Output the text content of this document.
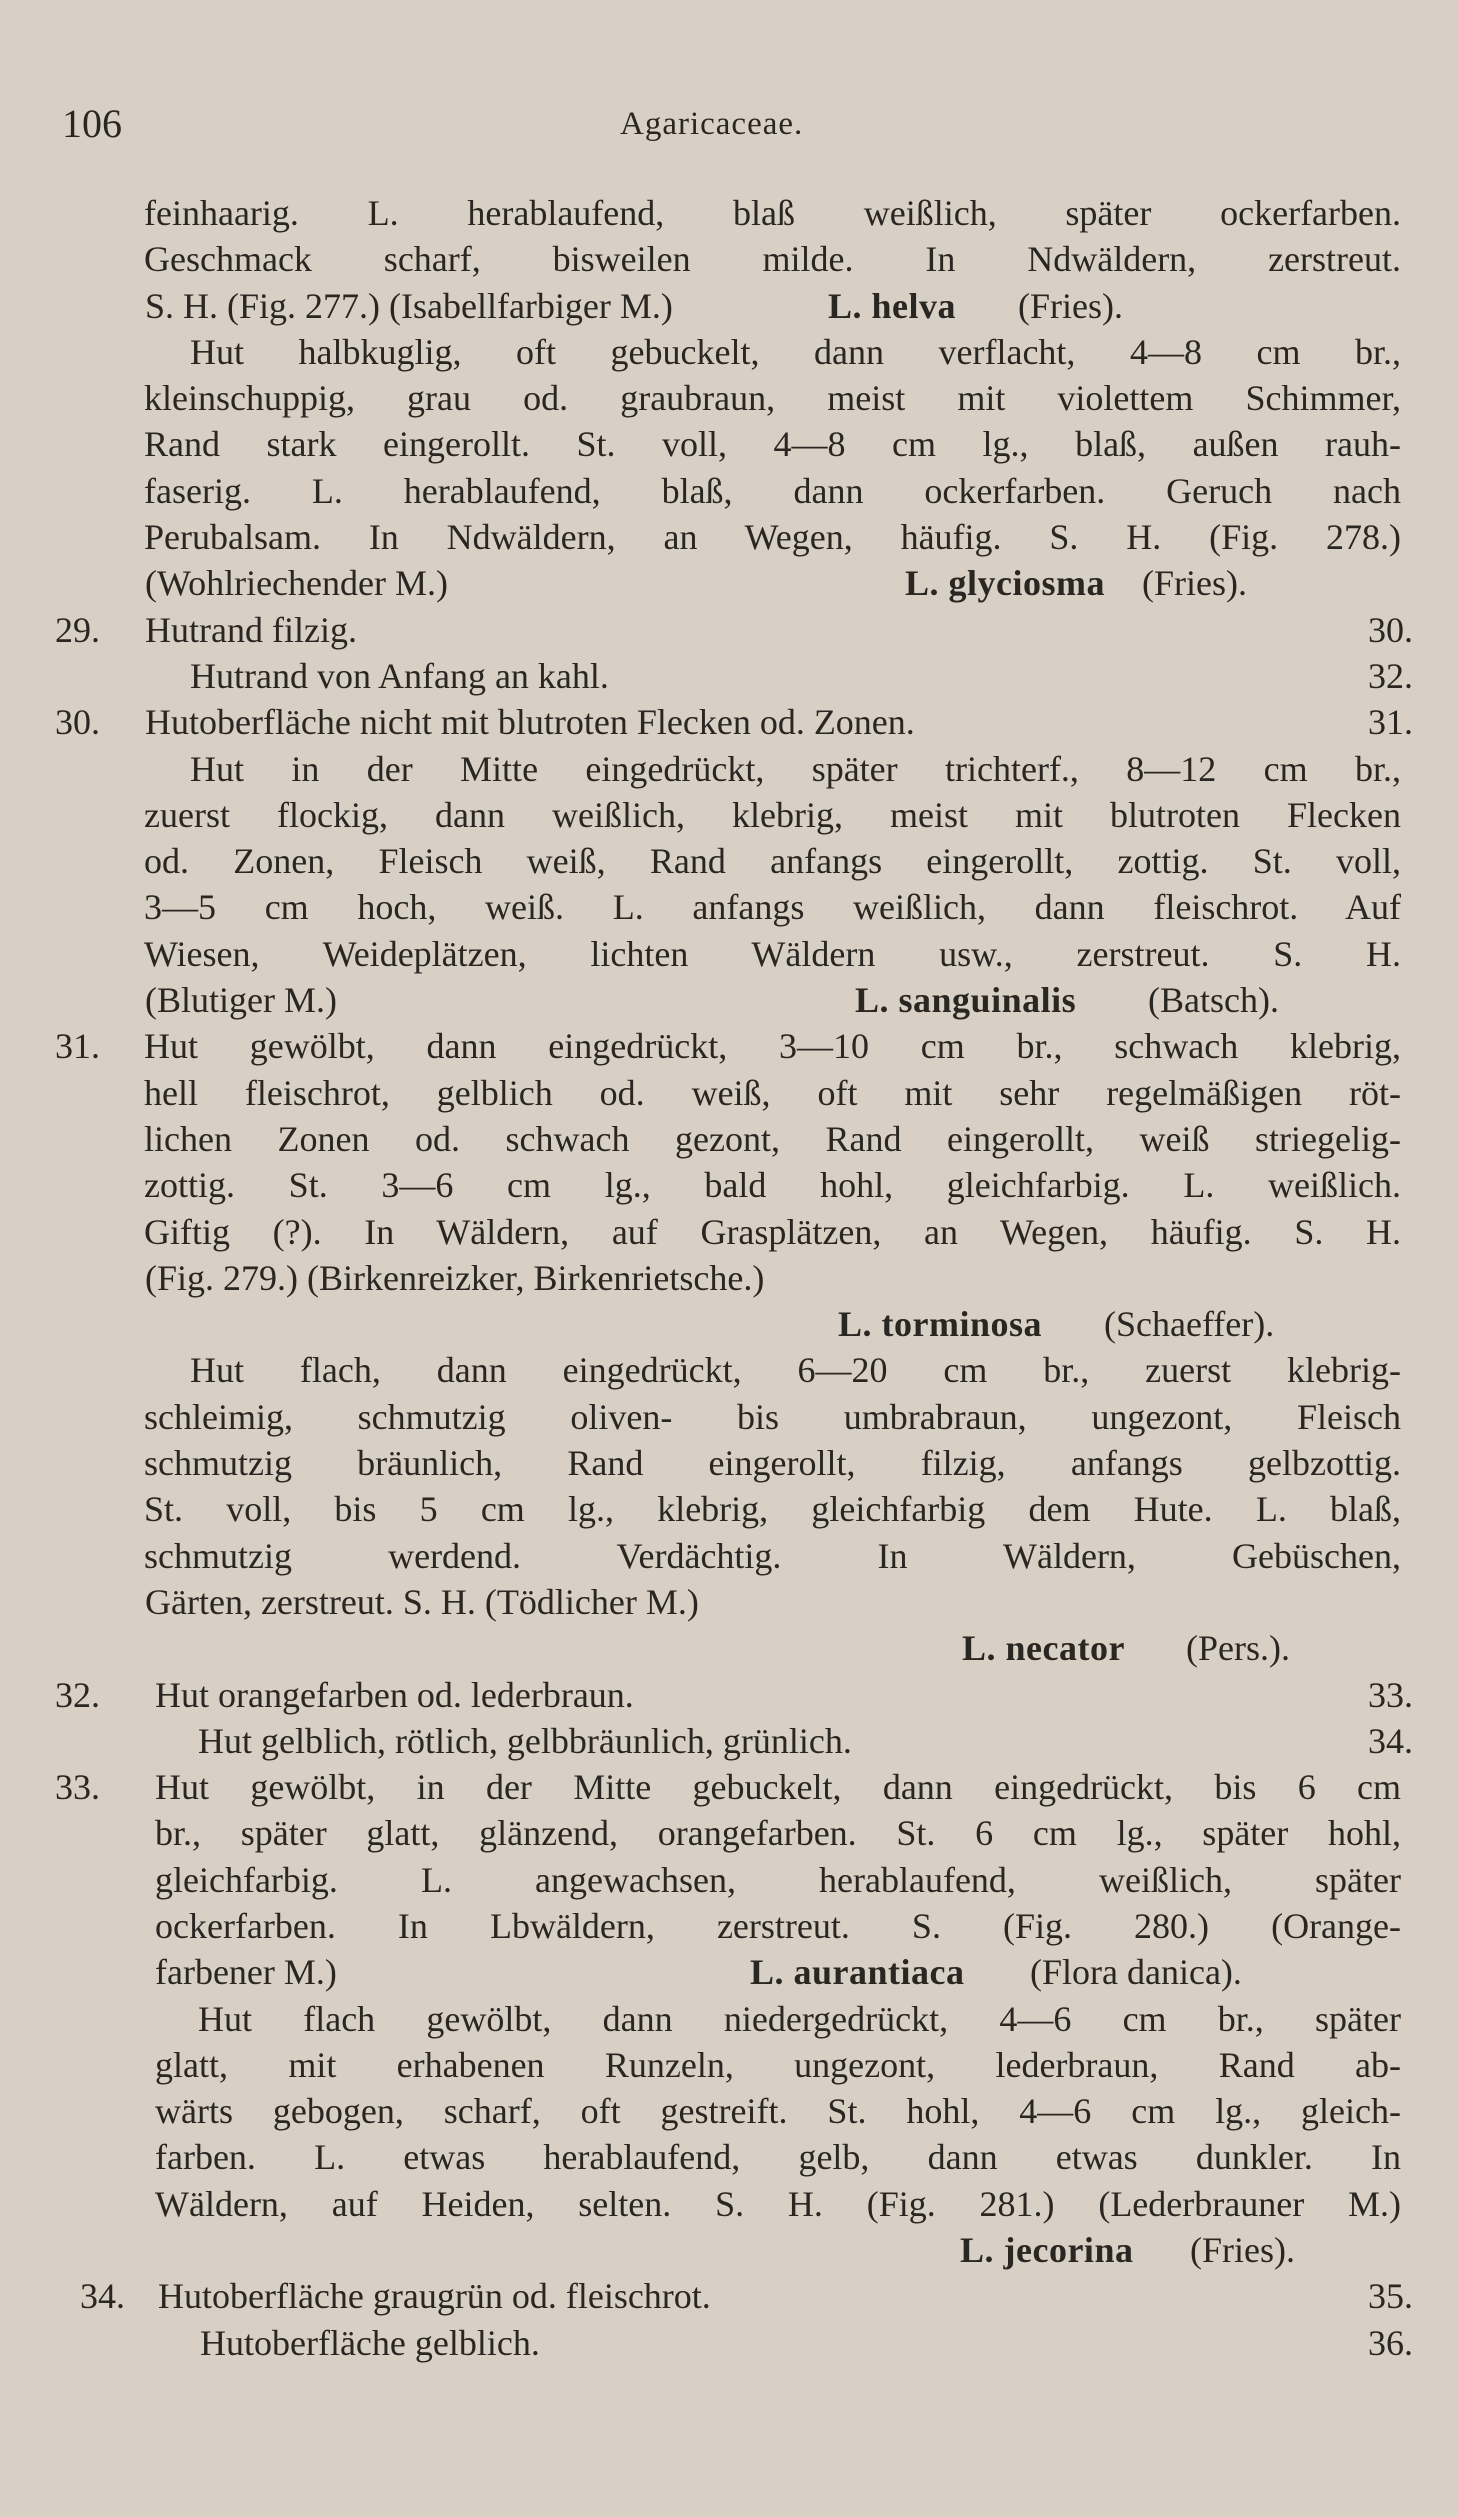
106	Agaricaceae.
feinhaarig. L. herablaufend, blaß weißlich, später ockerfarben.
Geschmack scharf, bisweilen milde. In Ndwäldern, zerstreut.
S. H. (Fig. 277.) (Isabellfarbiger M.)	L. helva (Fries).
Hut halbkuglig, oft gebuckelt, dann verflacht, 4—8 cm br.,
kleinschuppig, grau od. graubraun, meist mit violettem Schimmer,
Rand stark eingerollt. St. voll, 4—8 cm lg., blaß, außen rauh-
faserig. L. herablaufend, blaß, dann ockerfarben. Geruch nach
Perubalsam. In Ndwäldern, an Wegen, häufig. S. H. (Fig. 278.)
(Wohlriechender M.)	L. glyciosma (Fries).
29. Hutrand filzig.	30.
Hutrand von Anfang an kahl.	32.
30. Hutoberfläche nicht mit blutroten Flecken od. Zonen.	31.
Hut in der Mitte eingedrückt, später trichterf., 8—12 cm br.,
zuerst flockig, dann weißlich, klebrig, meist mit blutroten Flecken
od. Zonen, Fleisch weiß, Rand anfangs eingerollt, zottig. St. voll,
3—5 cm hoch, weiß. L. anfangs weißlich, dann fleischrot. Auf
Wiesen, Weideplätzen, lichten Wäldern usw., zerstreut. S. H.
(Blutiger M.)	L. sanguinalis (Batsch).
31. Hut gewölbt, dann eingedrückt, 3—10 cm br., schwach klebrig,
hell fleischrot, gelblich od. weiß, oft mit sehr regelmäßigen röt-
lichen Zonen od. schwach gezont, Rand eingerollt, weiß striegelig-
zottig. St. 3—6 cm lg., bald hohl, gleichfarbig. L. weißlich.
Giftig (?). In Wäldern, auf Grasplätzen, an Wegen, häufig. S. H.
(Fig. 279.) (Birkenreizker, Birkenrietsche.)
L. torminosa (Schaeffer).
Hut flach, dann eingedrückt, 6—20 cm br., zuerst klebrig-
schleimig, schmutzig oliven- bis umbrabraun, ungezont, Fleisch
schmutzig bräunlich, Rand eingerollt, filzig, anfangs gelbzottig.
St. voll, bis 5 cm lg., klebrig, gleichfarbig dem Hute. L. blaß,
schmutzig werdend. Verdächtig. In Wäldern, Gebüschen,
Gärten, zerstreut. S. H. (Tödlicher M.)
L. necator (Pers.).
32. Hut orangefarben od. lederbraun.	33.
Hut gelblich, rötlich, gelbbräunlich, grünlich.	34.
33. Hut gewölbt, in der Mitte gebuckelt, dann eingedrückt, bis 6 cm
br., später glatt, glänzend, orangefarben. St. 6 cm lg., später hohl,
gleichfarbig. L. angewachsen, herablaufend, weißlich, später
ockerfarben. In Lbwäldern, zerstreut. S. (Fig. 280.) (Orange-
farbener M.)	L. aurantiaca (Flora danica).
Hut flach gewölbt, dann niedergedrückt, 4—6 cm br., später
glatt, mit erhabenen Runzeln, ungezont, lederbraun, Rand ab-
wärts gebogen, scharf, oft gestreift. St. hohl, 4—6 cm lg., gleich-
farben. L. etwas herablaufend, gelb, dann etwas dunkler. In
Wäldern, auf Heiden, selten. S. H. (Fig. 281.) (Lederbrauner M.)
L. jecorina (Fries).
34. Hutoberfläche graugrün od. fleischrot.	35.
Hutoberfläche gelblich.	36.
